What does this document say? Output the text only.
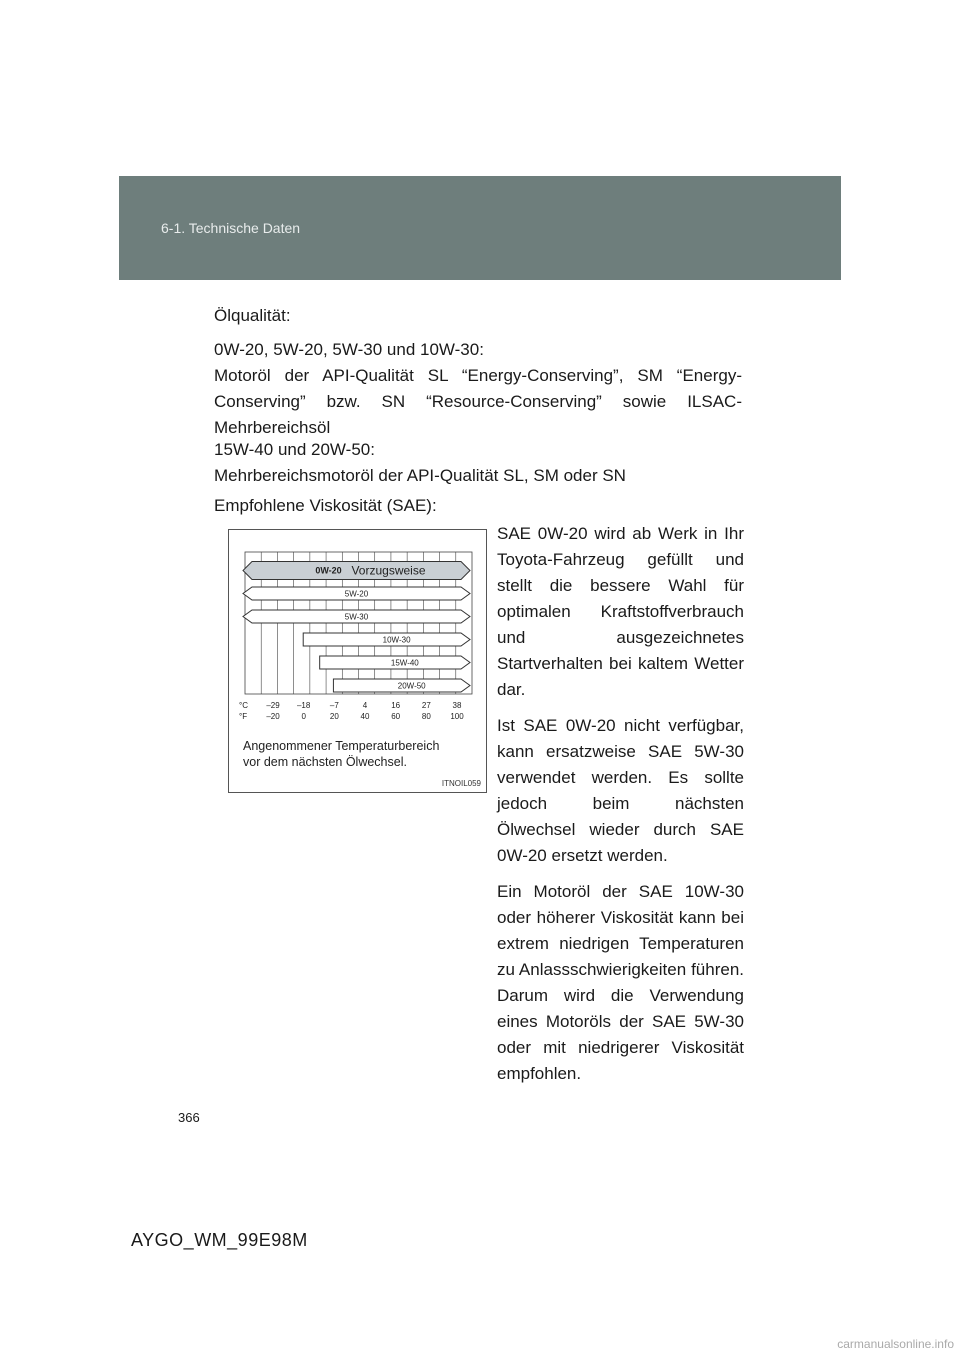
6-1. Technische Daten
Ölqualität:

0W-20, 5W-20, 5W-30 und 10W-30:

Motoröl der API-Qualität SL “Energy-Conserving”, SM “Energy-Conserving” bzw. SN “Resource-Conserving” sowie ILSAC-Mehrbereichsöl

15W-40 und 20W-50:

Mehrbereichsmotoröl der API-Qualität SL, SM oder SN

Empfohlene Viskosität (SAE):
0W-20 Vorzugsweise
5W-20
5W-30
10W-30
15W-40
20W-50
°C
°F
–29 –18 –7	4	16	27	38
–20	0	20	40	60	80 100
Angenommener Temperaturbereich
vor dem nächsten Ölwechsel.
ITNOIL059

SAE 0W-20 wird ab Werk in Ihr Toyota-Fahrzeug gefüllt und stellt die bessere Wahl für optimalen Kraftstoffverbrauch und ausgezeichnetes Startverhalten bei kaltem Wetter dar.

Ist SAE 0W-20 nicht verfügbar, kann ersatzweise SAE 5W-30 verwendet werden. Es sollte jedoch beim nächsten Ölwechsel wieder durch SAE 0W-20 ersetzt werden.

Ein Motoröl der SAE 10W-30 oder höherer Viskosität kann bei extrem niedrigen Temperaturen zu Anlassschwierigkeiten führen. Darum wird die Verwendung eines Motoröls der SAE 5W-30 oder mit niedrigerer Viskosität empfohlen.

366
AYGO_WM_99E98M
carmanualsonline.info
